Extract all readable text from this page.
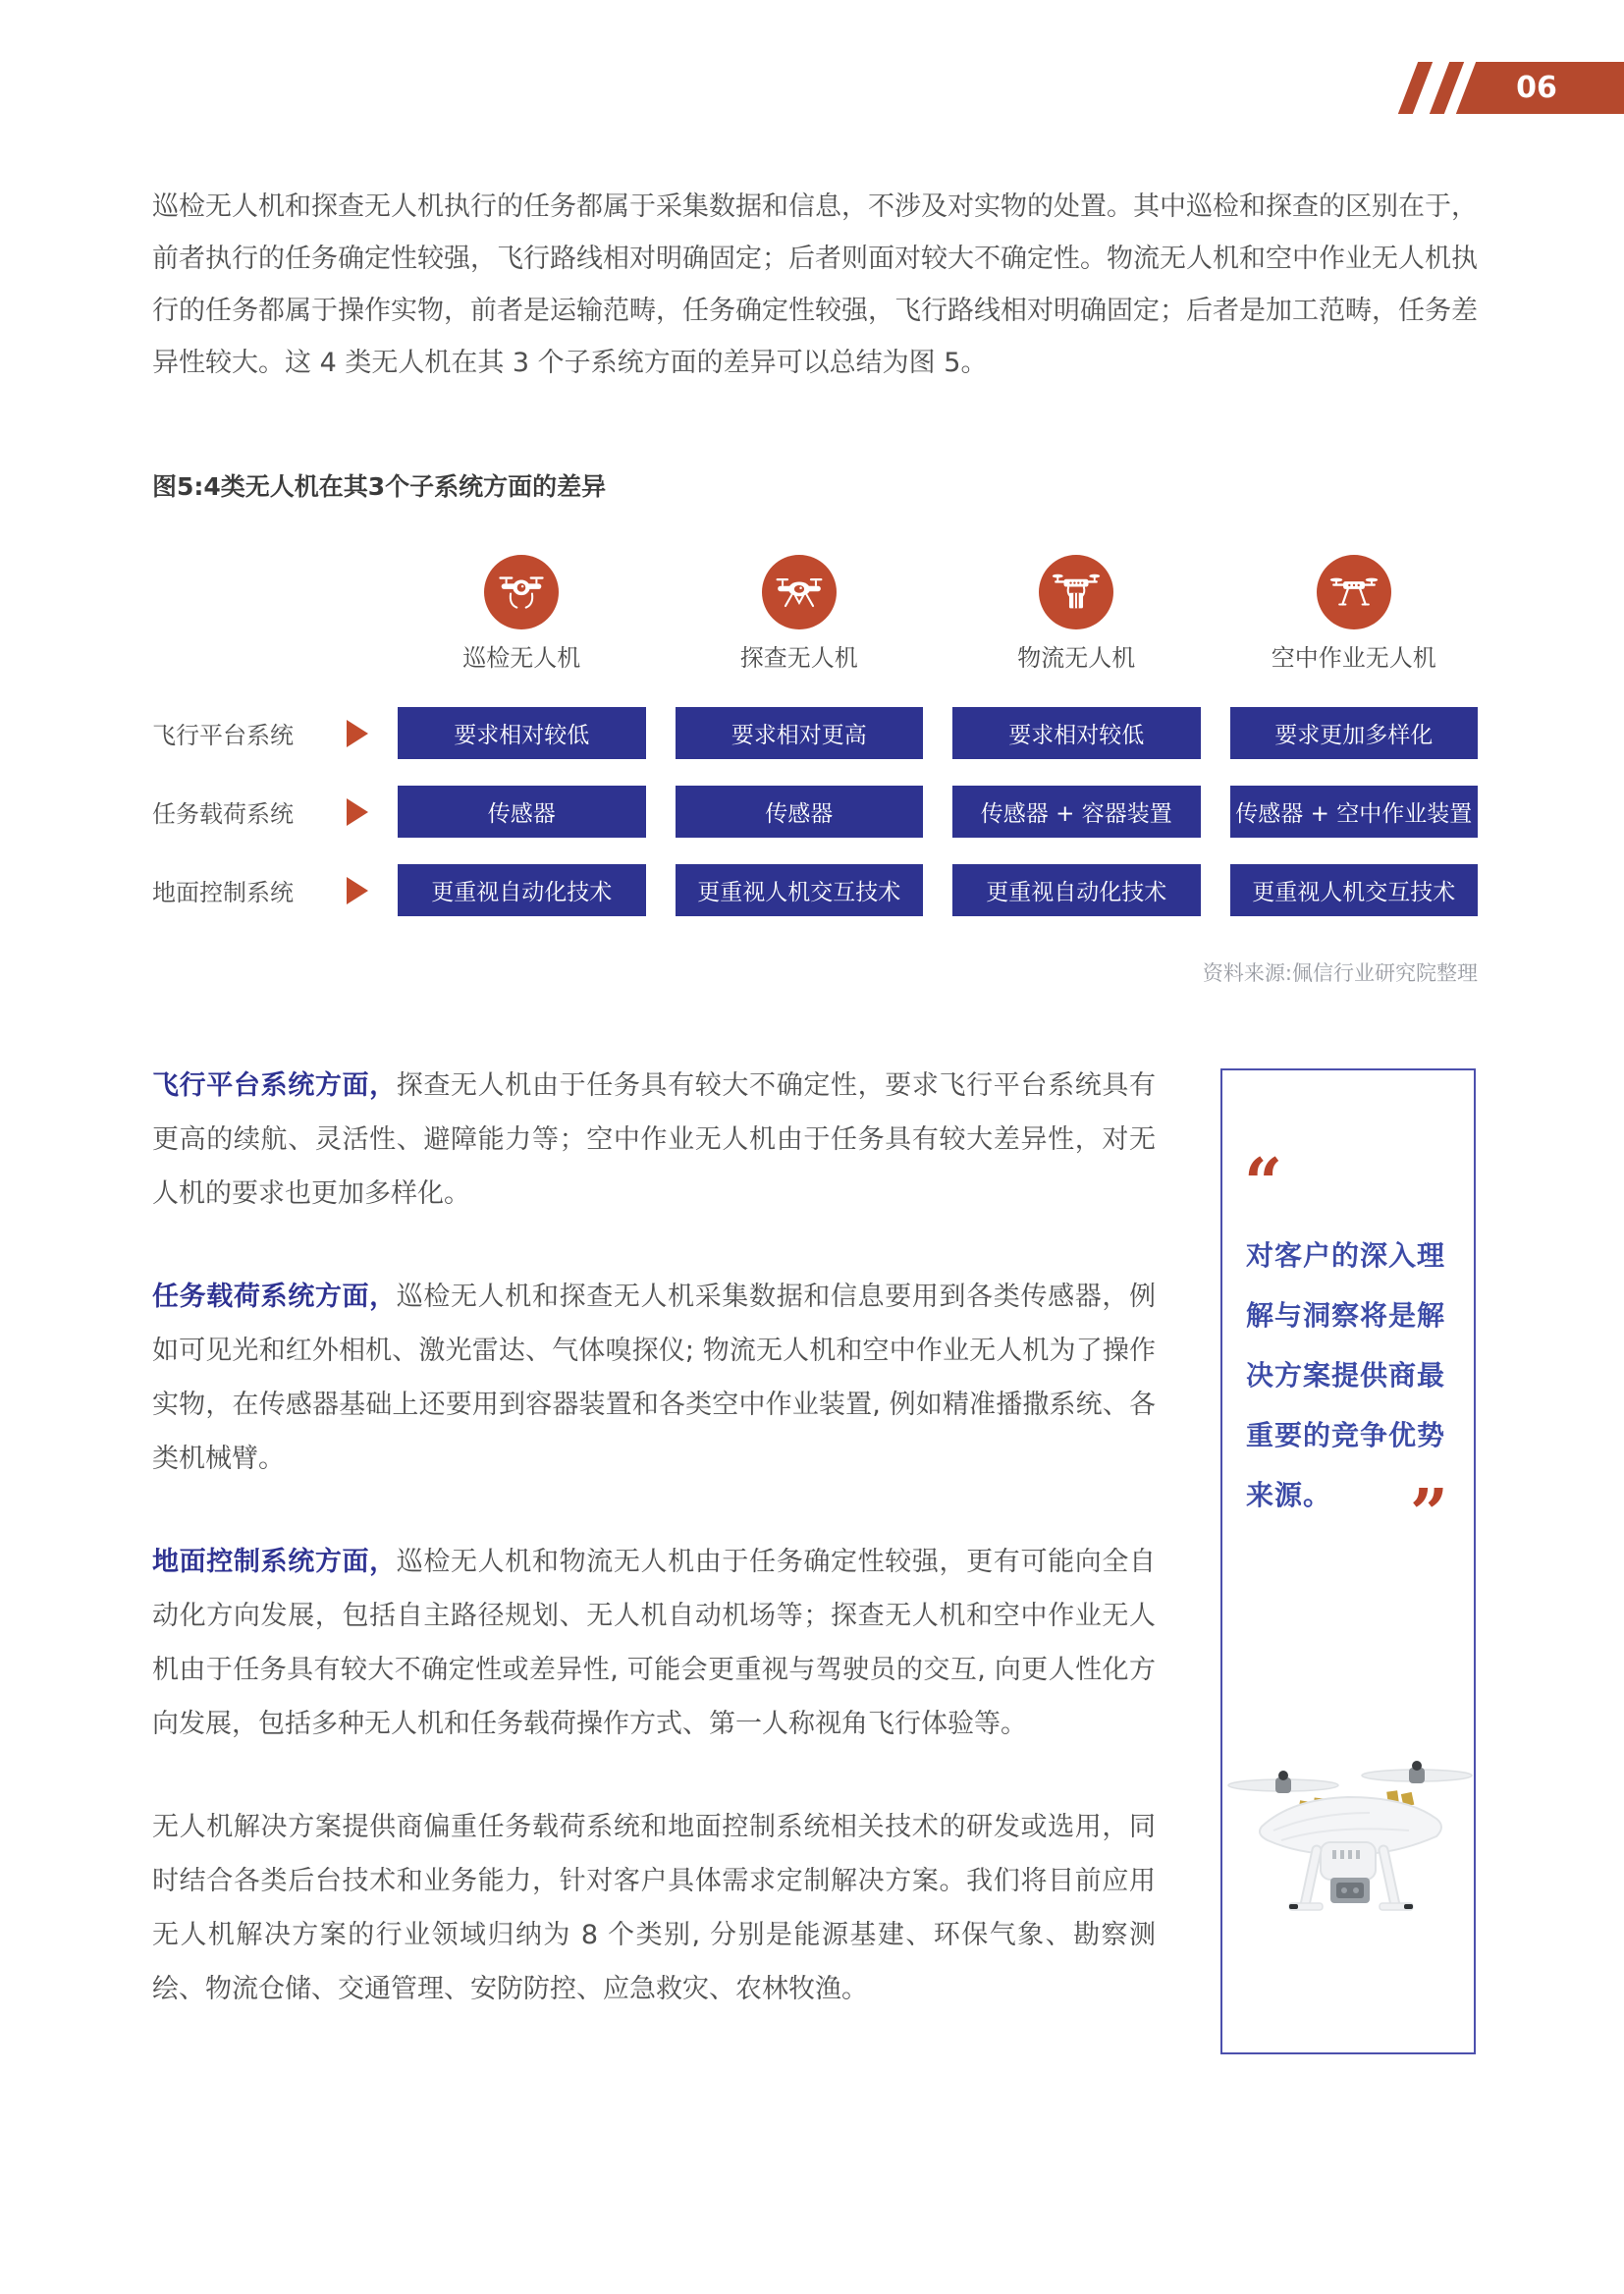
06

巡检无人机和探查无人机执行的任务都属于采集数据和信息，不涉及对实物的处置。其中巡检和探查的区别在于，前者执行的任务确定性较强，飞行路线相对明确固定；后者则面对较大不确定性。物流无人机和空中作业无人机执行的任务都属于操作实物，前者是运输范畴，任务确定性较强，飞行路线相对明确固定；后者是加工范畴，任务差异性较大。这 4 类无人机在其 3 个子系统方面的差异可以总结为图 5。

图5:4类无人机在其3个子系统方面的差异
巡检无人机	探查无人机	物流无人机	空中作业无人机
飞行平台系统	要求相对较低	要求相对更高	要求相对较低	要求更加多样化
任务载荷系统	传感器	传感器	传感器 + 容器装置	传感器 + 空中作业装置
地面控制系统	更重视自动化技术	更重视人机交互技术	更重视自动化技术	更重视人机交互技术
资料来源:佩信行业研究院整理

飞行平台系统方面，探查无人机由于任务具有较大不确定性，要求飞行平台系统具有更高的续航、灵活性、避障能力等；空中作业无人机由于任务具有较大差异性，对无人机的要求也更加多样化。

任务载荷系统方面，巡检无人机和探查无人机采集数据和信息要用到各类传感器，例如可见光和红外相机、激光雷达、气体嗅探仪; 物流无人机和空中作业无人机为了操作实物，在传感器基础上还要用到容器装置和各类空中作业装置, 例如精准播撒系统、各类机械臂。

地面控制系统方面，巡检无人机和物流无人机由于任务确定性较强，更有可能向全自动化方向发展，包括自主路径规划、无人机自动机场等；探查无人机和空中作业无人机由于任务具有较大不确定性或差异性, 可能会更重视与驾驶员的交互, 向更人性化方向发展，包括多种无人机和任务载荷操作方式、第一人称视角飞行体验等。

无人机解决方案提供商偏重任务载荷系统和地面控制系统相关技术的研发或选用，同时结合各类后台技术和业务能力，针对客户具体需求定制解决方案。我们将目前应用无人机解决方案的行业领域归纳为 8 个类别, 分别是能源基建、环保气象、勘察测绘、物流仓储、交通管理、安防防控、应急救灾、农林牧渔。

“
对客户的深入理解与洞察将是解决方案提供商最重要的竞争优势来源。	”
